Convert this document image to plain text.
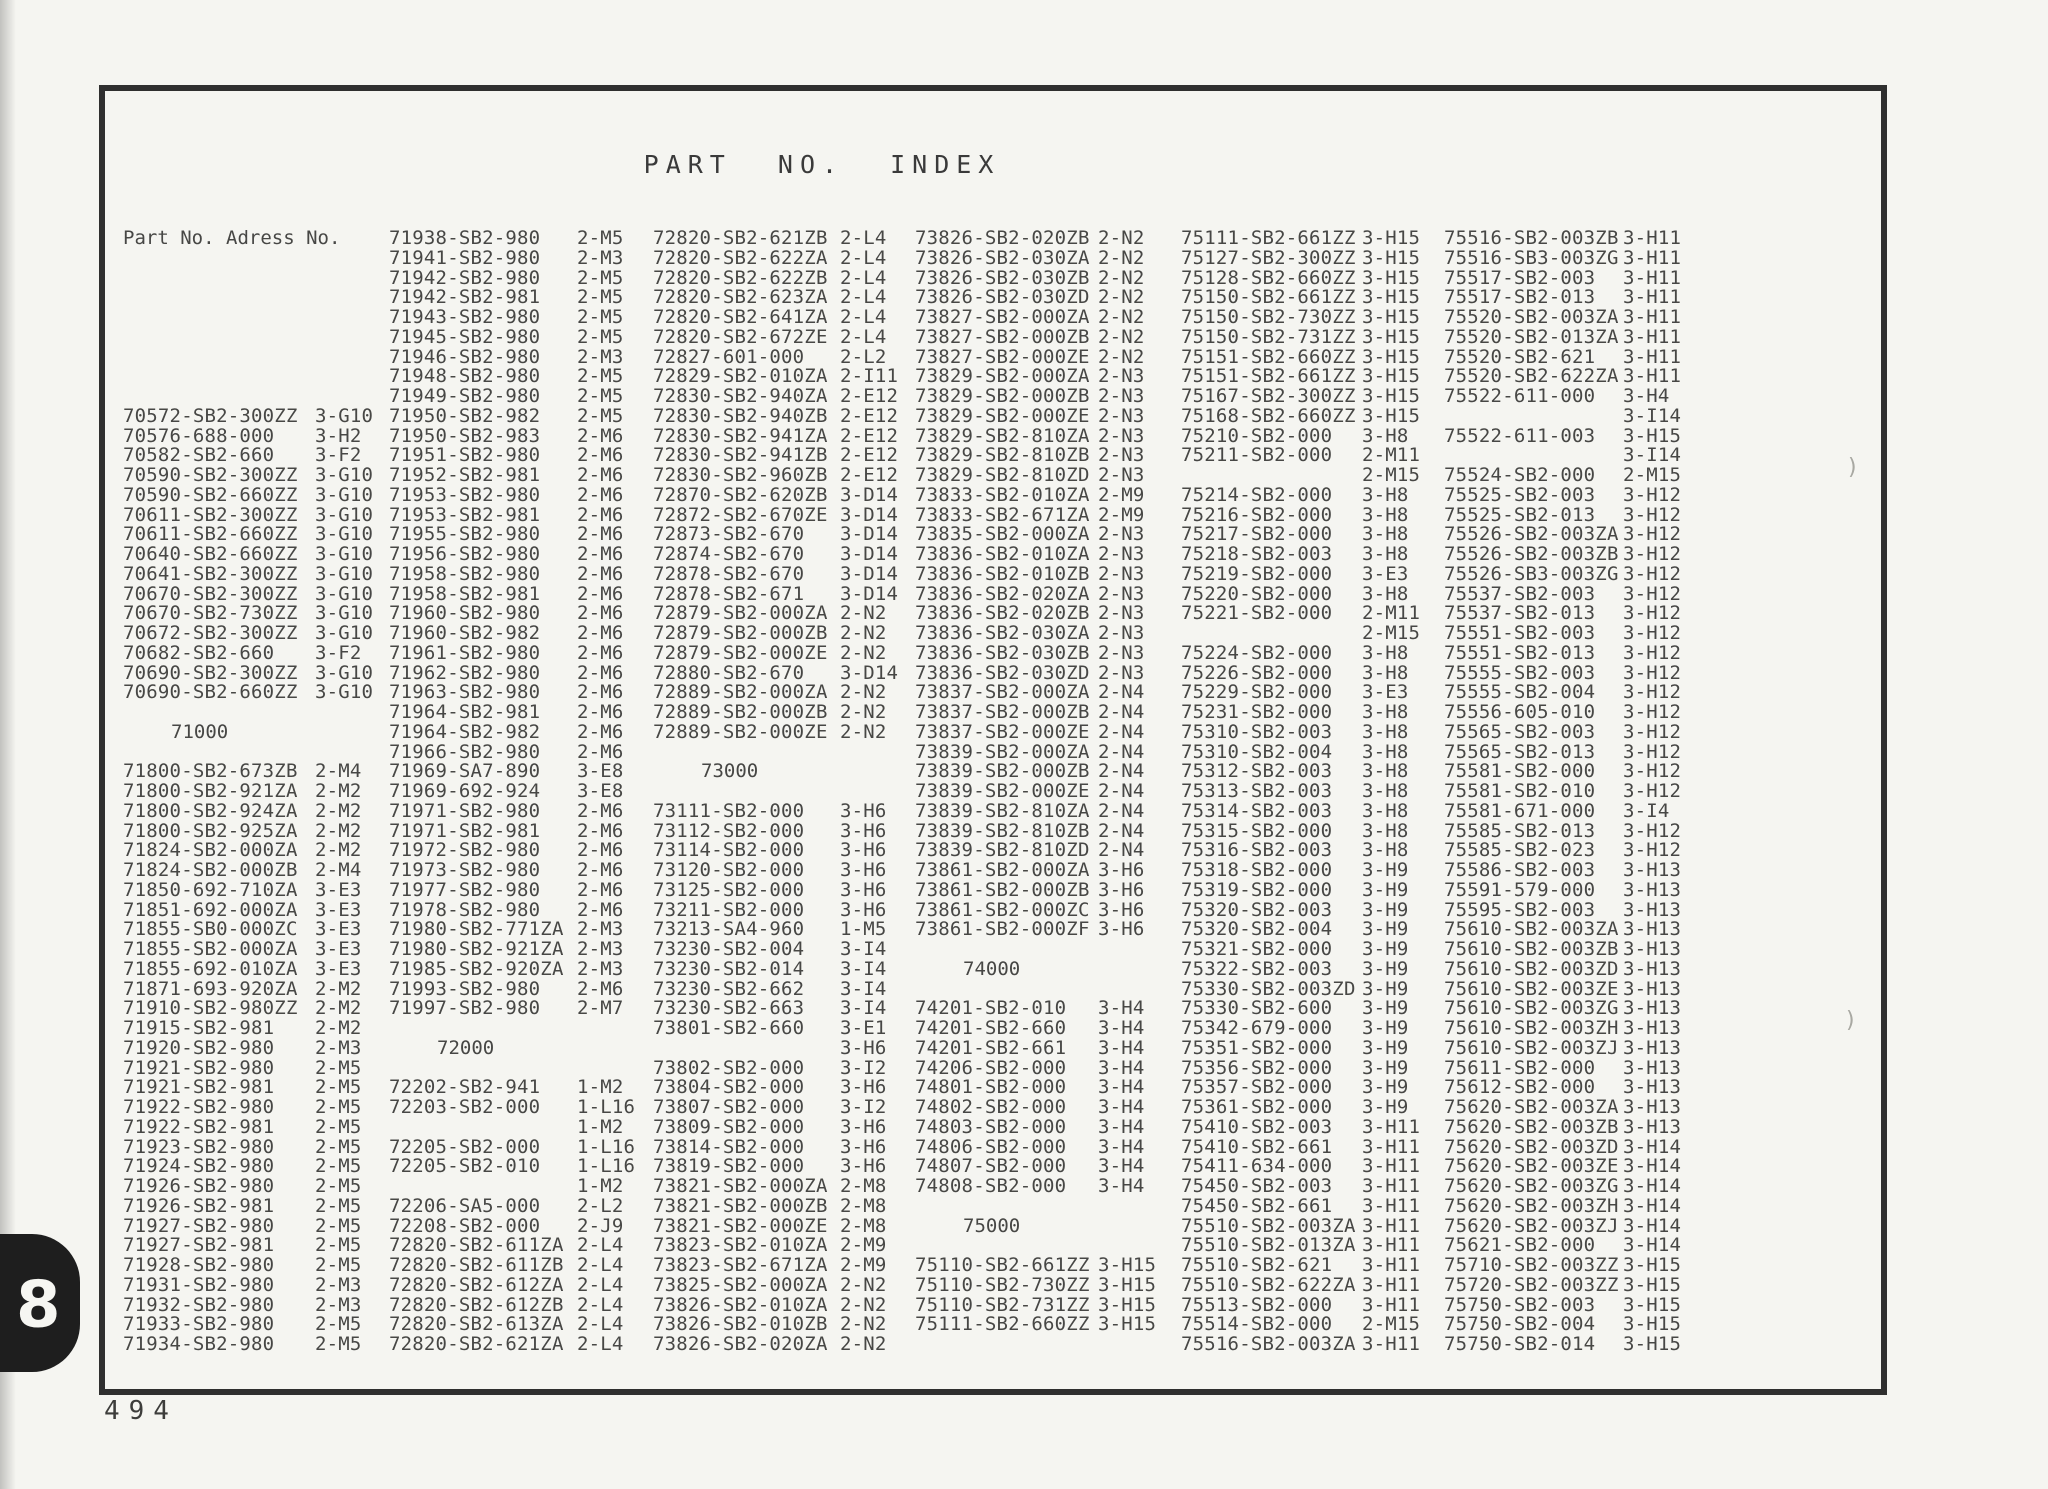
PART NO. INDEX
Part No. Adress No.
70572-SB2-300ZZ 3-G10
70576-688-000 3-H2
70582-SB2-660 3-F2
70590-SB2-300ZZ 3-G10
70590-SB2-660ZZ 3-G10
70611-SB2-300ZZ 3-G10
70611-SB2-660ZZ 3-G10
70640-SB2-660ZZ 3-G10
70641-SB2-300ZZ 3-G10
70670-SB2-300ZZ 3-G10
70670-SB2-730ZZ 3-G10
70672-SB2-300ZZ 3-G10
70682-SB2-660 3-F2
70690-SB2-300ZZ 3-G10
70690-SB2-660ZZ 3-G10
71000
71800-SB2-673ZB 2-M4
71800-SB2-921ZA 2-M2
71800-SB2-924ZA 2-M2
71800-SB2-925ZA 2-M2
71824-SB2-000ZA 2-M2
71824-SB2-000ZB 2-M4
71850-692-710ZA 3-E3
71851-692-000ZA 3-E3
71855-SB0-000ZC 3-E3
71855-SB2-000ZA 3-E3
71855-692-010ZA 3-E3
71871-693-920ZA 2-M2
71910-SB2-980ZZ 2-M2
71915-SB2-981 2-M2
71920-SB2-980 2-M3
71921-SB2-980 2-M5
71921-SB2-981 2-M5
71922-SB2-980 2-M5
71922-SB2-981 2-M5
71923-SB2-980 2-M5
71924-SB2-980 2-M5
71926-SB2-980 2-M5
71926-SB2-981 2-M5
71927-SB2-980 2-M5
71927-SB2-981 2-M5
71928-SB2-980 2-M5
71931-SB2-980 2-M3
71932-SB2-980 2-M3
71933-SB2-980 2-M5
71934-SB2-980 2-M5
71938-SB2-980 2-M5
71941-SB2-980 2-M3
71942-SB2-980 2-M5
71942-SB2-981 2-M5
71943-SB2-980 2-M5
71945-SB2-980 2-M5
71946-SB2-980 2-M3
71948-SB2-980 2-M5
71949-SB2-980 2-M5
71950-SB2-982 2-M5
71950-SB2-983 2-M6
71951-SB2-980 2-M6
71952-SB2-981 2-M6
71953-SB2-980 2-M6
71953-SB2-981 2-M6
71955-SB2-980 2-M6
71956-SB2-980 2-M6
71958-SB2-980 2-M6
71958-SB2-981 2-M6
71960-SB2-980 2-M6
71960-SB2-982 2-M6
71961-SB2-980 2-M6
71962-SB2-980 2-M6
71963-SB2-980 2-M6
71964-SB2-981 2-M6
71964-SB2-982 2-M6
71966-SB2-980 2-M6
71969-SA7-890 3-E8
71969-692-924 3-E8
71971-SB2-980 2-M6
71971-SB2-981 2-M6
71972-SB2-980 2-M6
71973-SB2-980 2-M6
71977-SB2-980 2-M6
71978-SB2-980 2-M6
71980-SB2-771ZA 2-M3
71980-SB2-921ZA 2-M3
71985-SB2-920ZA 2-M3
71993-SB2-980 2-M6
71997-SB2-980 2-M7
72000
72202-SB2-941 1-M2
72203-SB2-000 1-L16
1-M2
72205-SB2-000 1-L16
72205-SB2-010 1-L16
1-M2
72206-SA5-000 2-L2
72208-SB2-000 2-J9
72820-SB2-611ZA 2-L4
72820-SB2-611ZB 2-L4
72820-SB2-612ZA 2-L4
72820-SB2-612ZB 2-L4
72820-SB2-613ZA 2-L4
72820-SB2-621ZA 2-L4
72820-SB2-621ZB 2-L4
72820-SB2-622ZA 2-L4
72820-SB2-622ZB 2-L4
72820-SB2-623ZA 2-L4
72820-SB2-641ZA 2-L4
72820-SB2-672ZE 2-L4
72827-601-000 2-L2
72829-SB2-010ZA 2-I11
72830-SB2-940ZA 2-E12
72830-SB2-940ZB 2-E12
72830-SB2-941ZA 2-E12
72830-SB2-941ZB 2-E12
72830-SB2-960ZB 2-E12
72870-SB2-620ZB 3-D14
72872-SB2-670ZE 3-D14
72873-SB2-670 3-D14
72874-SB2-670 3-D14
72878-SB2-670 3-D14
72878-SB2-671 3-D14
72879-SB2-000ZA 2-N2
72879-SB2-000ZB 2-N2
72879-SB2-000ZE 2-N2
72880-SB2-670 3-D14
72889-SB2-000ZA 2-N2
72889-SB2-000ZB 2-N2
72889-SB2-000ZE 2-N2
73000
73111-SB2-000 3-H6
73112-SB2-000 3-H6
73114-SB2-000 3-H6
73120-SB2-000 3-H6
73125-SB2-000 3-H6
73211-SB2-000 3-H6
73213-SA4-960 1-M5
73230-SB2-004 3-I4
73230-SB2-014 3-I4
73230-SB2-662 3-I4
73230-SB2-663 3-I4
73801-SB2-660 3-E1
3-H6
73802-SB2-000 3-I2
73804-SB2-000 3-H6
73807-SB2-000 3-I2
73809-SB2-000 3-H6
73814-SB2-000 3-H6
73819-SB2-000 3-H6
73821-SB2-000ZA 2-M8
73821-SB2-000ZB 2-M8
73821-SB2-000ZE 2-M8
73823-SB2-010ZA 2-M9
73823-SB2-671ZA 2-M9
73825-SB2-000ZA 2-N2
73826-SB2-010ZA 2-N2
73826-SB2-010ZB 2-N2
73826-SB2-020ZA 2-N2
73826-SB2-020ZB 2-N2
73826-SB2-030ZA 2-N2
73826-SB2-030ZB 2-N2
73826-SB2-030ZD 2-N2
73827-SB2-000ZA 2-N2
73827-SB2-000ZB 2-N2
73827-SB2-000ZE 2-N2
73829-SB2-000ZA 2-N3
73829-SB2-000ZB 2-N3
73829-SB2-000ZE 2-N3
73829-SB2-810ZA 2-N3
73829-SB2-810ZB 2-N3
73829-SB2-810ZD 2-N3
73833-SB2-010ZA 2-M9
73833-SB2-671ZA 2-M9
73835-SB2-000ZA 2-N3
73836-SB2-010ZA 2-N3
73836-SB2-010ZB 2-N3
73836-SB2-020ZA 2-N3
73836-SB2-020ZB 2-N3
73836-SB2-030ZA 2-N3
73836-SB2-030ZB 2-N3
73836-SB2-030ZD 2-N3
73837-SB2-000ZA 2-N4
73837-SB2-000ZB 2-N4
73837-SB2-000ZE 2-N4
73839-SB2-000ZA 2-N4
73839-SB2-000ZB 2-N4
73839-SB2-000ZE 2-N4
73839-SB2-810ZA 2-N4
73839-SB2-810ZB 2-N4
73839-SB2-810ZD 2-N4
73861-SB2-000ZA 3-H6
73861-SB2-000ZB 3-H6
73861-SB2-000ZC 3-H6
73861-SB2-000ZF 3-H6
74000
74201-SB2-010 3-H4
74201-SB2-660 3-H4
74201-SB2-661 3-H4
74206-SB2-000 3-H4
74801-SB2-000 3-H4
74802-SB2-000 3-H4
74803-SB2-000 3-H4
74806-SB2-000 3-H4
74807-SB2-000 3-H4
74808-SB2-000 3-H4
75000
75110-SB2-661ZZ 3-H15
75110-SB2-730ZZ 3-H15
75110-SB2-731ZZ 3-H15
75111-SB2-660ZZ 3-H15
75111-SB2-661ZZ 3-H15
75127-SB2-300ZZ 3-H15
75128-SB2-660ZZ 3-H15
75150-SB2-661ZZ 3-H15
75150-SB2-730ZZ 3-H15
75150-SB2-731ZZ 3-H15
75151-SB2-660ZZ 3-H15
75151-SB2-661ZZ 3-H15
75167-SB2-300ZZ 3-H15
75168-SB2-660ZZ 3-H15
75210-SB2-000 3-H8
75211-SB2-000 2-M11
2-M15
75214-SB2-000 3-H8
75216-SB2-000 3-H8
75217-SB2-000 3-H8
75218-SB2-003 3-H8
75219-SB2-000 3-E3
75220-SB2-000 3-H8
75221-SB2-000 2-M11
2-M15
75224-SB2-000 3-H8
75226-SB2-000 3-H8
75229-SB2-000 3-E3
75231-SB2-000 3-H8
75310-SB2-003 3-H8
75310-SB2-004 3-H8
75312-SB2-003 3-H8
75313-SB2-003 3-H8
75314-SB2-003 3-H8
75315-SB2-000 3-H8
75316-SB2-003 3-H8
75318-SB2-000 3-H9
75319-SB2-000 3-H9
75320-SB2-003 3-H9
75320-SB2-004 3-H9
75321-SB2-000 3-H9
75322-SB2-003 3-H9
75330-SB2-003ZD 3-H9
75330-SB2-600 3-H9
75342-679-000 3-H9
75351-SB2-000 3-H9
75356-SB2-000 3-H9
75357-SB2-000 3-H9
75361-SB2-000 3-H9
75410-SB2-003 3-H11
75410-SB2-661 3-H11
75411-634-000 3-H11
75450-SB2-003 3-H11
75450-SB2-661 3-H11
75510-SB2-003ZA 3-H11
75510-SB2-013ZA 3-H11
75510-SB2-621 3-H11
75510-SB2-622ZA 3-H11
75513-SB2-000 3-H11
75514-SB2-000 2-M15
75516-SB2-003ZA 3-H11
75516-SB2-003ZB 3-H11
75516-SB3-003ZG 3-H11
75517-SB2-003 3-H11
75517-SB2-013 3-H11
75520-SB2-003ZA 3-H11
75520-SB2-013ZA 3-H11
75520-SB2-621 3-H11
75520-SB2-622ZA 3-H11
75522-611-000 3-H4
3-I14
75522-611-003 3-H15
3-I14
75524-SB2-000 2-M15
75525-SB2-003 3-H12
75525-SB2-013 3-H12
75526-SB2-003ZA 3-H12
75526-SB2-003ZB 3-H12
75526-SB3-003ZG 3-H12
75537-SB2-003 3-H12
75537-SB2-013 3-H12
75551-SB2-003 3-H12
75551-SB2-013 3-H12
75555-SB2-003 3-H12
75555-SB2-004 3-H12
75556-605-010 3-H12
75565-SB2-003 3-H12
75565-SB2-013 3-H12
75581-SB2-000 3-H12
75581-SB2-010 3-H12
75581-671-000 3-I4
75585-SB2-013 3-H12
75585-SB2-023 3-H12
75586-SB2-003 3-H13
75591-579-000 3-H13
75595-SB2-003 3-H13
75610-SB2-003ZA 3-H13
75610-SB2-003ZB 3-H13
75610-SB2-003ZD 3-H13
75610-SB2-003ZE 3-H13
75610-SB2-003ZG 3-H13
75610-SB2-003ZH 3-H13
75610-SB2-003ZJ 3-H13
75611-SB2-000 3-H13
75612-SB2-000 3-H13
75620-SB2-003ZA 3-H13
75620-SB2-003ZB 3-H13
75620-SB2-003ZD 3-H14
75620-SB2-003ZE 3-H14
75620-SB2-003ZG 3-H14
75620-SB2-003ZH 3-H14
75620-SB2-003ZJ 3-H14
75621-SB2-000 3-H14
75710-SB2-003ZZ 3-H15
75720-SB2-003ZZ 3-H15
75750-SB2-003 3-H15
75750-SB2-004 3-H15
75750-SB2-014 3-H15
8
494
)
)
